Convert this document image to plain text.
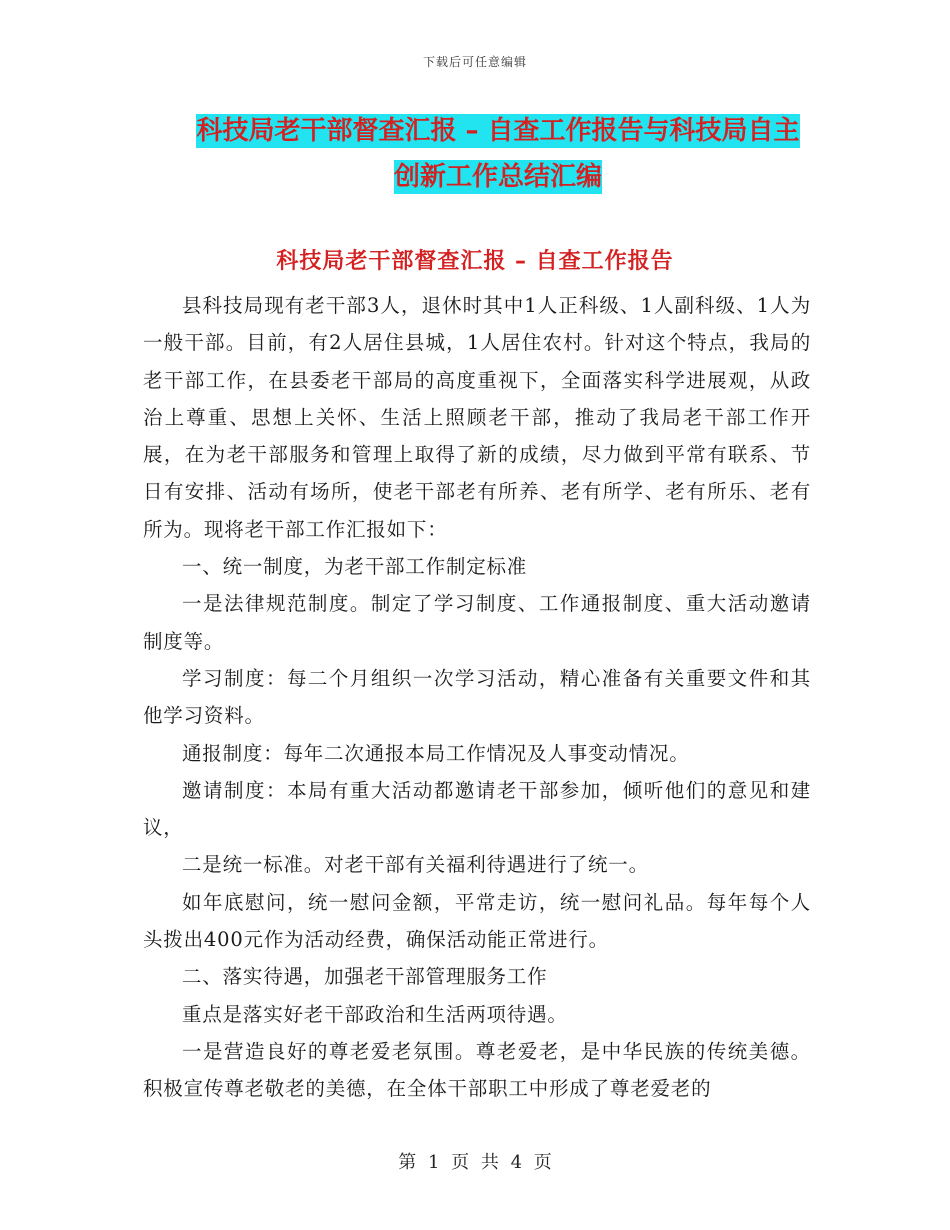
下载后可任意编辑
科技局老干部督查汇报 – 自查工作报告与科技局自主
创新工作总结汇编
科技局老干部督查汇报 – 自查工作报告

县科技局现有老干部3人，退休时其中1人正科级、1人副科级、1人为一般干部。目前，有2人居住县城，1人居住农村。针对这个特点，我局的老干部工作，在县委老干部局的高度重视下，全面落实科学进展观，从政治上尊重、思想上关怀、生活上照顾老干部，推动了我局老干部工作开展，在为老干部服务和管理上取得了新的成绩，尽力做到平常有联系、节日有安排、活动有场所，使老干部老有所养、老有所学、老有所乐、老有所为。现将老干部工作汇报如下：

一、统一制度，为老干部工作制定标准

一是法律规范制度。制定了学习制度、工作通报制度、重大活动邀请制度等。

学习制度：每二个月组织一次学习活动，精心准备有关重要文件和其他学习资料。

通报制度：每年二次通报本局工作情况及人事变动情况。

邀请制度：本局有重大活动都邀请老干部参加，倾听他们的意见和建议，

二是统一标准。对老干部有关福利待遇进行了统一。

如年底慰问，统一慰问金额，平常走访，统一慰问礼品。每年每个人头拨出400元作为活动经费，确保活动能正常进行。

二、落实待遇，加强老干部管理服务工作

重点是落实好老干部政治和生活两项待遇。

一是营造良好的尊老爱老氛围。尊老爱老，是中华民族的传统美德。积极宣传尊老敬老的美德，在全体干部职工中形成了尊老爱老的

第 1 页 共 4 页
